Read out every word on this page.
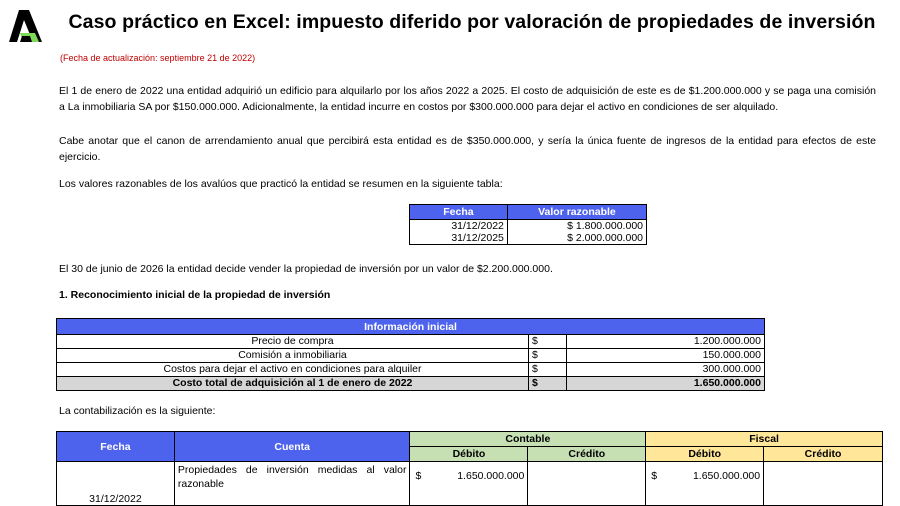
Caso práctico en Excel: impuesto diferido por valoración de propiedades de inversión
(Fecha de actualización: septiembre 21 de 2022)
El 1 de enero de 2022 una entidad adquirió un edificio para alquilarlo por los años 2022 a 2025. El costo de adquisición de este es de $1.200.000.000 y se paga una comisión a La inmobiliaria SA por $150.000.000. Adicionalmente, la entidad incurre en costos por $300.000.000 para dejar el activo en condiciones de ser alquilado.
Cabe anotar que el canon de arrendamiento anual que percibirá esta entidad es de $350.000.000, y sería la única fuente de ingresos de la entidad para efectos de este ejercicio.
Los valores razonables de los avalúos que practicó la entidad se resumen en la siguiente tabla:
Fecha	Valor razonable
31/12/2022	$ 1.800.000.000
31/12/2025	$ 2.000.000.000
El 30 de junio de 2026 la entidad decide vender la propiedad de inversión por un valor de $2.200.000.000.
1. Reconocimiento inicial de la propiedad de inversión
Información inicial		
Precio de compra	$	1.200.000.000
Comisión a inmobiliaria	$	150.000.000
Costos para dejar el activo en condiciones para alquiler	$	300.000.000
Costo total de adquisición al 1 de enero de 2022	$	1.650.000.000
La contabilización es la siguiente:
Fecha	Cuenta	Contable		Fiscal	
		Débito	Crédito	Débito	Crédito
31/12/2022	Propiedades de inversión medidas al valor razonable	$ 1.650.000.000		$ 1.650.000.000	
